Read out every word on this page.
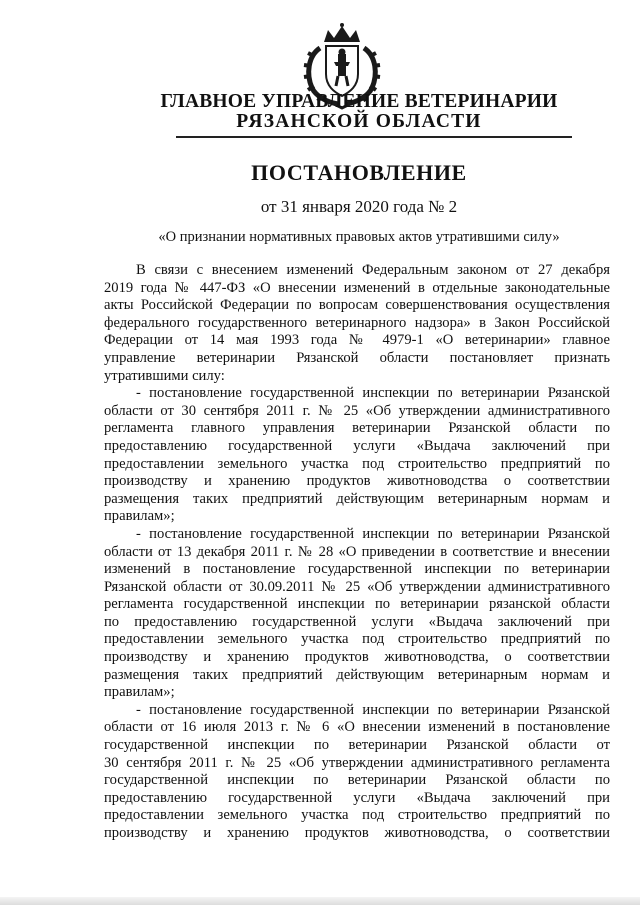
ГЛАВНОЕ УПРАВЛЕНИЕ ВЕТЕРИНАРИИ
РЯЗАНСКОЙ ОБЛАСТИ
ПОСТАНОВЛЕНИЕ
от 31 января 2020 года № 2
«О признании нормативных правовых актов утратившими силу»
В связи с внесением изменений Федеральным законом от 27 декабря
2019 года № 447-ФЗ «О внесении изменений в отдельные законодательные
акты Российской Федерации по вопросам совершенствования осуществления
федерального государственного ветеринарного надзора» в Закон Российской
Федерации от 14 мая 1993 года № 4979-1 «О ветеринарии» главное
управление ветеринарии Рязанской области постановляет признать
утратившими силу:
- постановление государственной инспекции по ветеринарии Рязанской
области от 30 сентября 2011 г. № 25 «Об утверждении административного
регламента главного управления ветеринарии Рязанской области по
предоставлению государственной услуги «Выдача заключений при
предоставлении земельного участка под строительство предприятий по
производству и хранению продуктов животноводства о соответствии
размещения таких предприятий действующим ветеринарным нормам и
правилам»;
- постановление государственной инспекции по ветеринарии Рязанской
области от 13 декабря 2011 г. № 28 «О приведении в соответствие и внесении
изменений в постановление государственной инспекции по ветеринарии
Рязанской области от 30.09.2011 № 25 «Об утверждении административного
регламента государственной инспекции по ветеринарии рязанской области
по предоставлению государственной услуги «Выдача заключений при
предоставлении земельного участка под строительство предприятий по
производству и хранению продуктов животноводства, о соответствии
размещения таких предприятий действующим ветеринарным нормам и
правилам»;
- постановление государственной инспекции по ветеринарии Рязанской
области от 16 июля 2013 г. № 6 «О внесении изменений в постановление
государственной инспекции по ветеринарии Рязанской области от
30 сентября 2011 г. № 25 «Об утверждении административного регламента
государственной инспекции по ветеринарии Рязанской области по
предоставлению государственной услуги «Выдача заключений при
предоставлении земельного участка под строительство предприятий по
производству и хранению продуктов животноводства, о соответствии
